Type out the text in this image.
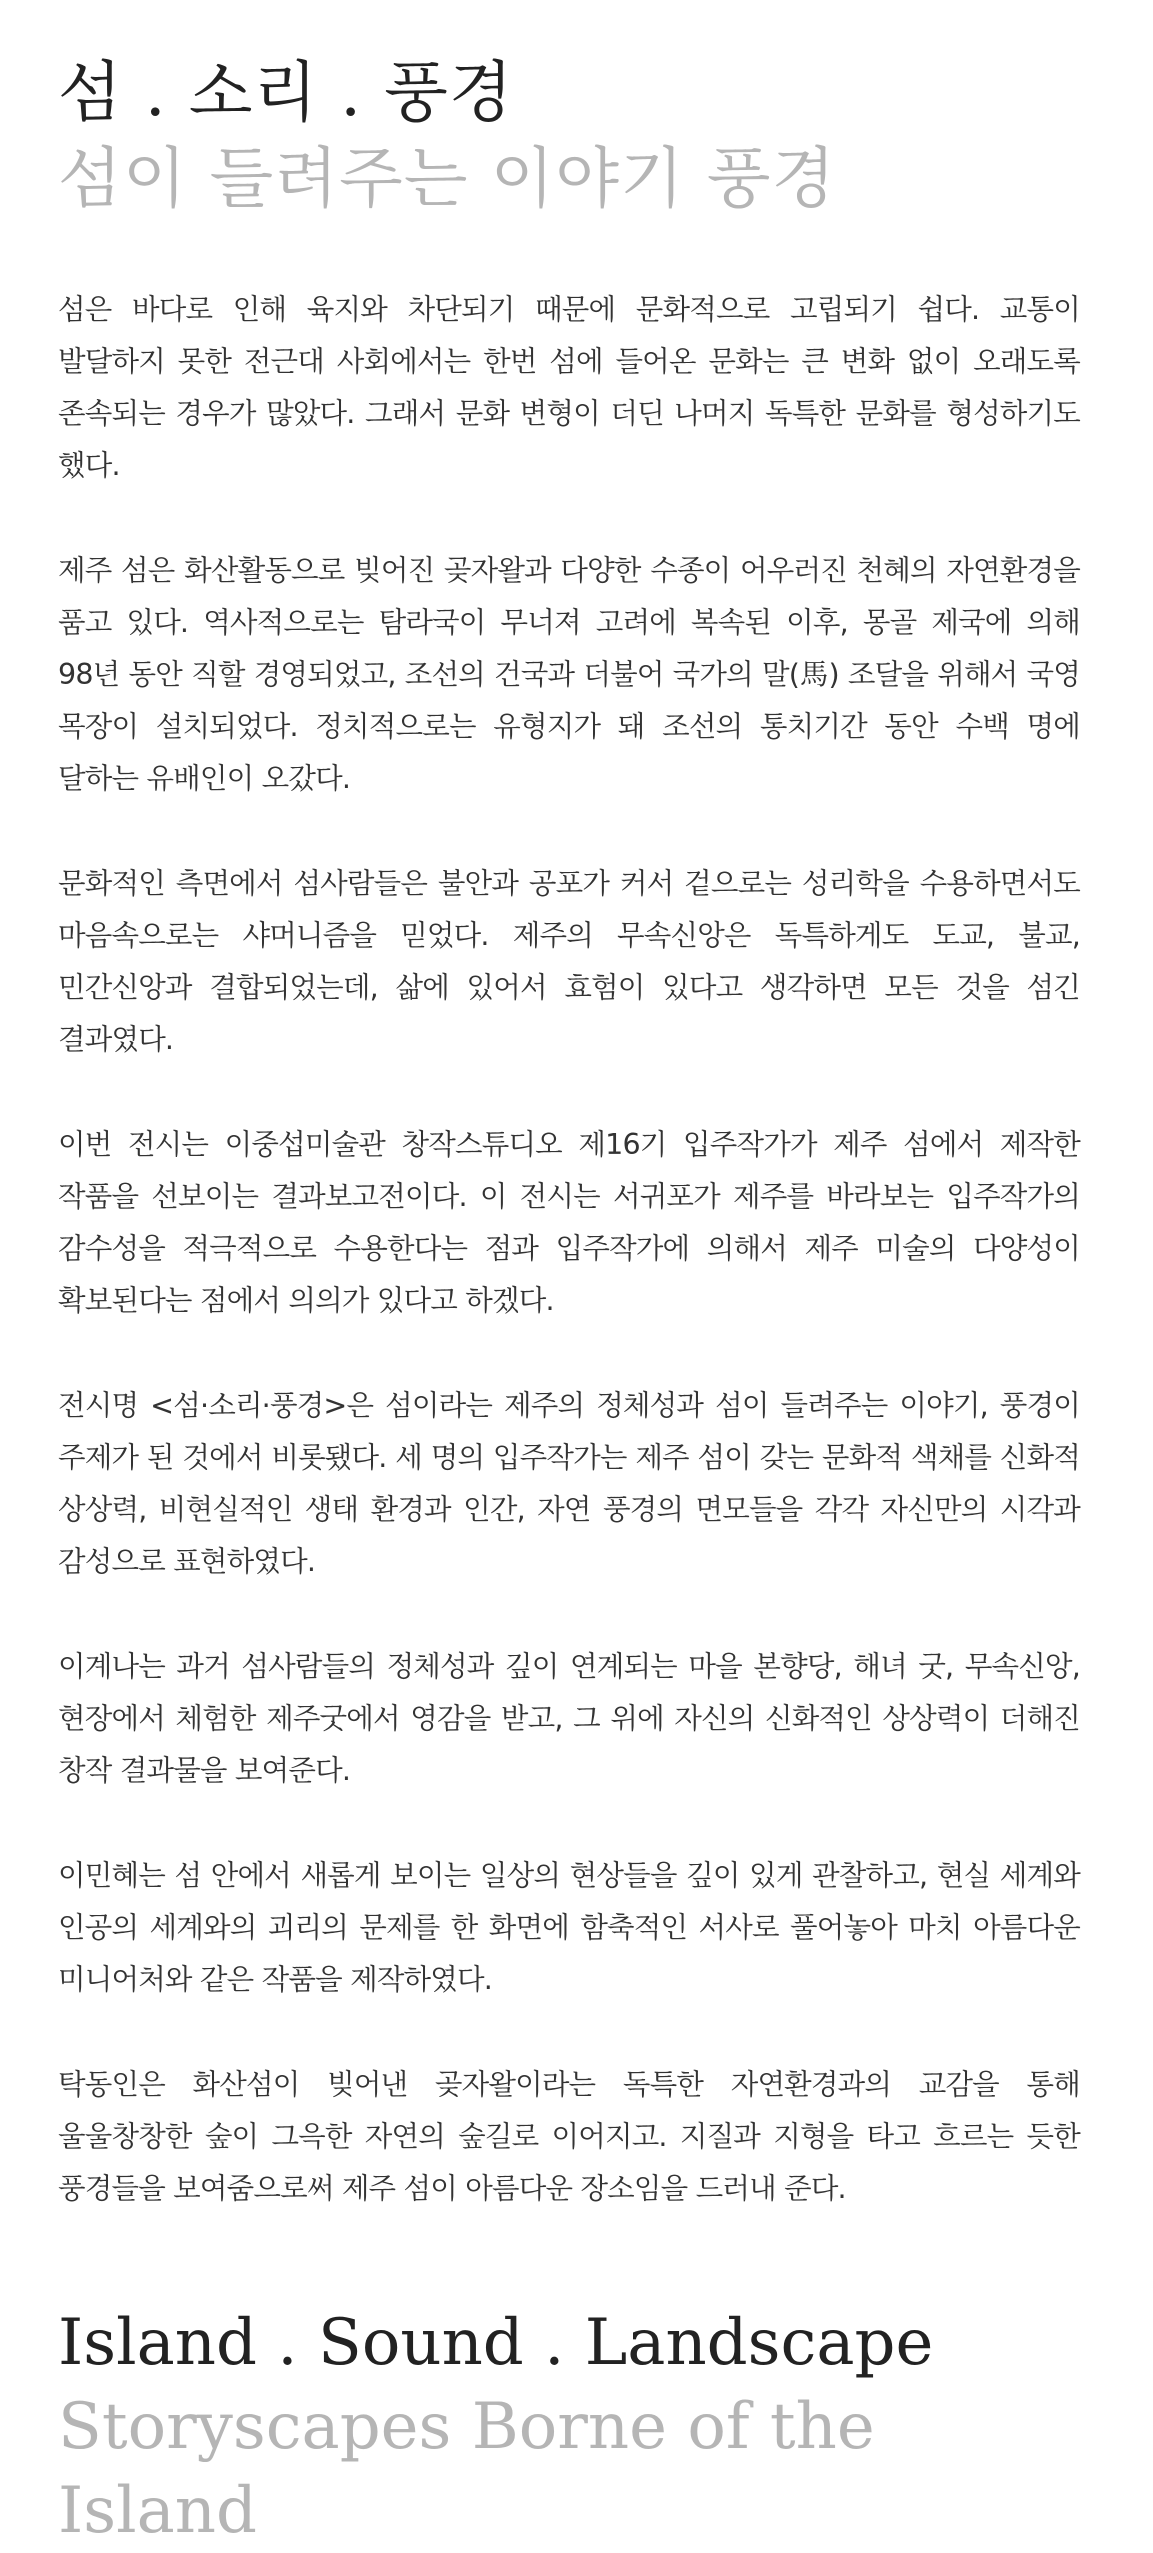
섬 . 소리 . 풍경
섬이 들려주는 이야기 풍경

섬은 바다로 인해 육지와 차단되기 때문에 문화적으로 고립되기 쉽다. 교통이 발달하지 못한 전근대 사회에서는 한번 섬에 들어온 문화는 큰 변화 없이 오래도록 존속되는 경우가 많았다. 그래서 문화 변형이 더딘 나머지 독특한 문화를 형성하기도 했다.

제주 섬은 화산활동으로 빚어진 곶자왈과 다양한 수종이 어우러진 천혜의 자연환경을 품고 있다. 역사적으로는 탐라국이 무너져 고려에 복속된 이후, 몽골 제국에 의해 98년 동안 직할 경영되었고, 조선의 건국과 더불어 국가의 말(馬) 조달을 위해서 국영 목장이 설치되었다. 정치적으로는 유형지가 돼 조선의 통치기간 동안 수백 명에 달하는 유배인이 오갔다.

문화적인 측면에서 섬사람들은 불안과 공포가 커서 겉으로는 성리학을 수용하면서도 마음속으로는 샤머니즘을 믿었다. 제주의 무속신앙은 독특하게도 도교, 불교, 민간신앙과 결합되었는데, 삶에 있어서 효험이 있다고 생각하면 모든 것을 섬긴 결과였다.

이번 전시는 이중섭미술관 창작스튜디오 제16기 입주작가가 제주 섬에서 제작한 작품을 선보이는 결과보고전이다. 이 전시는 서귀포가 제주를 바라보는 입주작가의 감수성을 적극적으로 수용한다는 점과 입주작가에 의해서 제주 미술의 다양성이 확보된다는 점에서 의의가 있다고 하겠다.

전시명 <섬·소리·풍경>은 섬이라는 제주의 정체성과 섬이 들려주는 이야기, 풍경이 주제가 된 것에서 비롯됐다. 세 명의 입주작가는 제주 섬이 갖는 문화적 색채를 신화적 상상력, 비현실적인 생태 환경과 인간, 자연 풍경의 면모들을 각각 자신만의 시각과 감성으로 표현하였다.

이계나는 과거 섬사람들의 정체성과 깊이 연계되는 마을 본향당, 해녀 굿, 무속신앙, 현장에서 체험한 제주굿에서 영감을 받고, 그 위에 자신의 신화적인 상상력이 더해진 창작 결과물을 보여준다.

이민혜는 섬 안에서 새롭게 보이는 일상의 현상들을 깊이 있게 관찰하고, 현실 세계와 인공의 세계와의 괴리의 문제를 한 화면에 함축적인 서사로 풀어놓아 마치 아름다운 미니어처와 같은 작품을 제작하였다.

탁동인은 화산섬이 빚어낸 곶자왈이라는 독특한 자연환경과의 교감을 통해 울울창창한 숲이 그윽한 자연의 숲길로 이어지고. 지질과 지형을 타고 흐르는 듯한 풍경들을 보여줌으로써 제주 섬이 아름다운 장소임을 드러내 준다.

Island . Sound . Landscape
Storyscapes Borne of the Island
